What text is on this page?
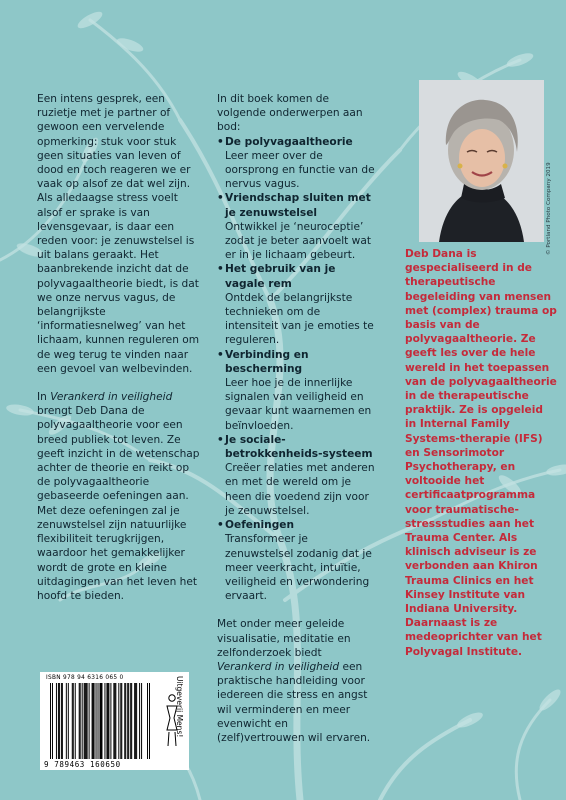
Een intens gesprek, een ruzietje met je partner of gewoon een vervelende opmerking: stuk voor stuk geen situaties van leven of dood en toch reageren we er vaak op alsof ze dat wel zijn. Als alledaagse stress voelt alsof er sprake is van levensgevaar, is daar een reden voor: je zenuwstelsel is uit balans geraakt. Het baanbrekende inzicht dat de polyvagaaltheorie biedt, is dat we onze nervus vagus, de belangrijkste ‘informatiesnelweg’ van het lichaam, kunnen reguleren om de weg terug te vinden naar een gevoel van welbevinden.

In Verankerd in veiligheid brengt Deb Dana de polyvagaaltheorie voor een breed publiek tot leven. Ze geeft inzicht in de wetenschap achter de theorie en reikt op de polyvagaaltheorie gebaseerde oefeningen aan. Met deze oefeningen zal je zenuwstelsel zijn natuurlijke flexibiliteit terugkrijgen, waardoor het gemakkelijker wordt de grote en kleine uitdagingen van het leven het hoofd te bieden.

In dit boek komen de volgende onderwerpen aan bod:

• De polyvagaaltheorie
Leer meer over de oorsprong en functie van de nervus vagus.
• Vriendschap sluiten met je zenuwstelsel
Ontwikkel je ‘neuroceptie’ zodat je beter aanvoelt wat er in je lichaam gebeurt.
• Het gebruik van je vagale rem
Ontdek de belangrijkste technieken om de intensiteit van je emoties te reguleren.
• Verbinding en bescherming
Leer hoe je de innerlijke signalen van veiligheid en gevaar kunt waarnemen en beïnvloeden.
• Je sociale-betrokkenheids-systeem
Creëer relaties met anderen en met de wereld om je heen die voedend zijn voor je zenuwstelsel.
• Oefeningen
Transformeer je zenuwstelsel zodanig dat je meer veerkracht, intuïtie, veiligheid en verwondering ervaart.

Met onder meer geleide visualisatie, meditatie en zelfonderzoek biedt Verankerd in veiligheid een praktische handleiding voor iedereen die stress en angst wil verminderen en meer evenwicht en (zelf)vertrouwen wil ervaren.

© Portland Photo Company 2019

Deb Dana is gespecialiseerd in de therapeutische begeleiding van mensen met (complex) trauma op basis van de polyvagaaltheorie. Ze geeft les over de hele wereld in het toepassen van de polyvagaaltheorie in de therapeutische praktijk. Ze is opgeleid in Internal Family Systems-therapie (IFS) en Sensorimotor Psychotherapy, en voltooide het certificaatprogramma voor traumatische-stressstudies aan het Trauma Center. Als klinisch adviseur is ze verbonden aan Khiron Trauma Clinics en het Kinsey Institute van Indiana University. Daarnaast is ze medeoprichter van het Polyvagal Institute.

ISBN 978 94 6316 065 0
9 789463 160650
Uitgeverij Mens!
